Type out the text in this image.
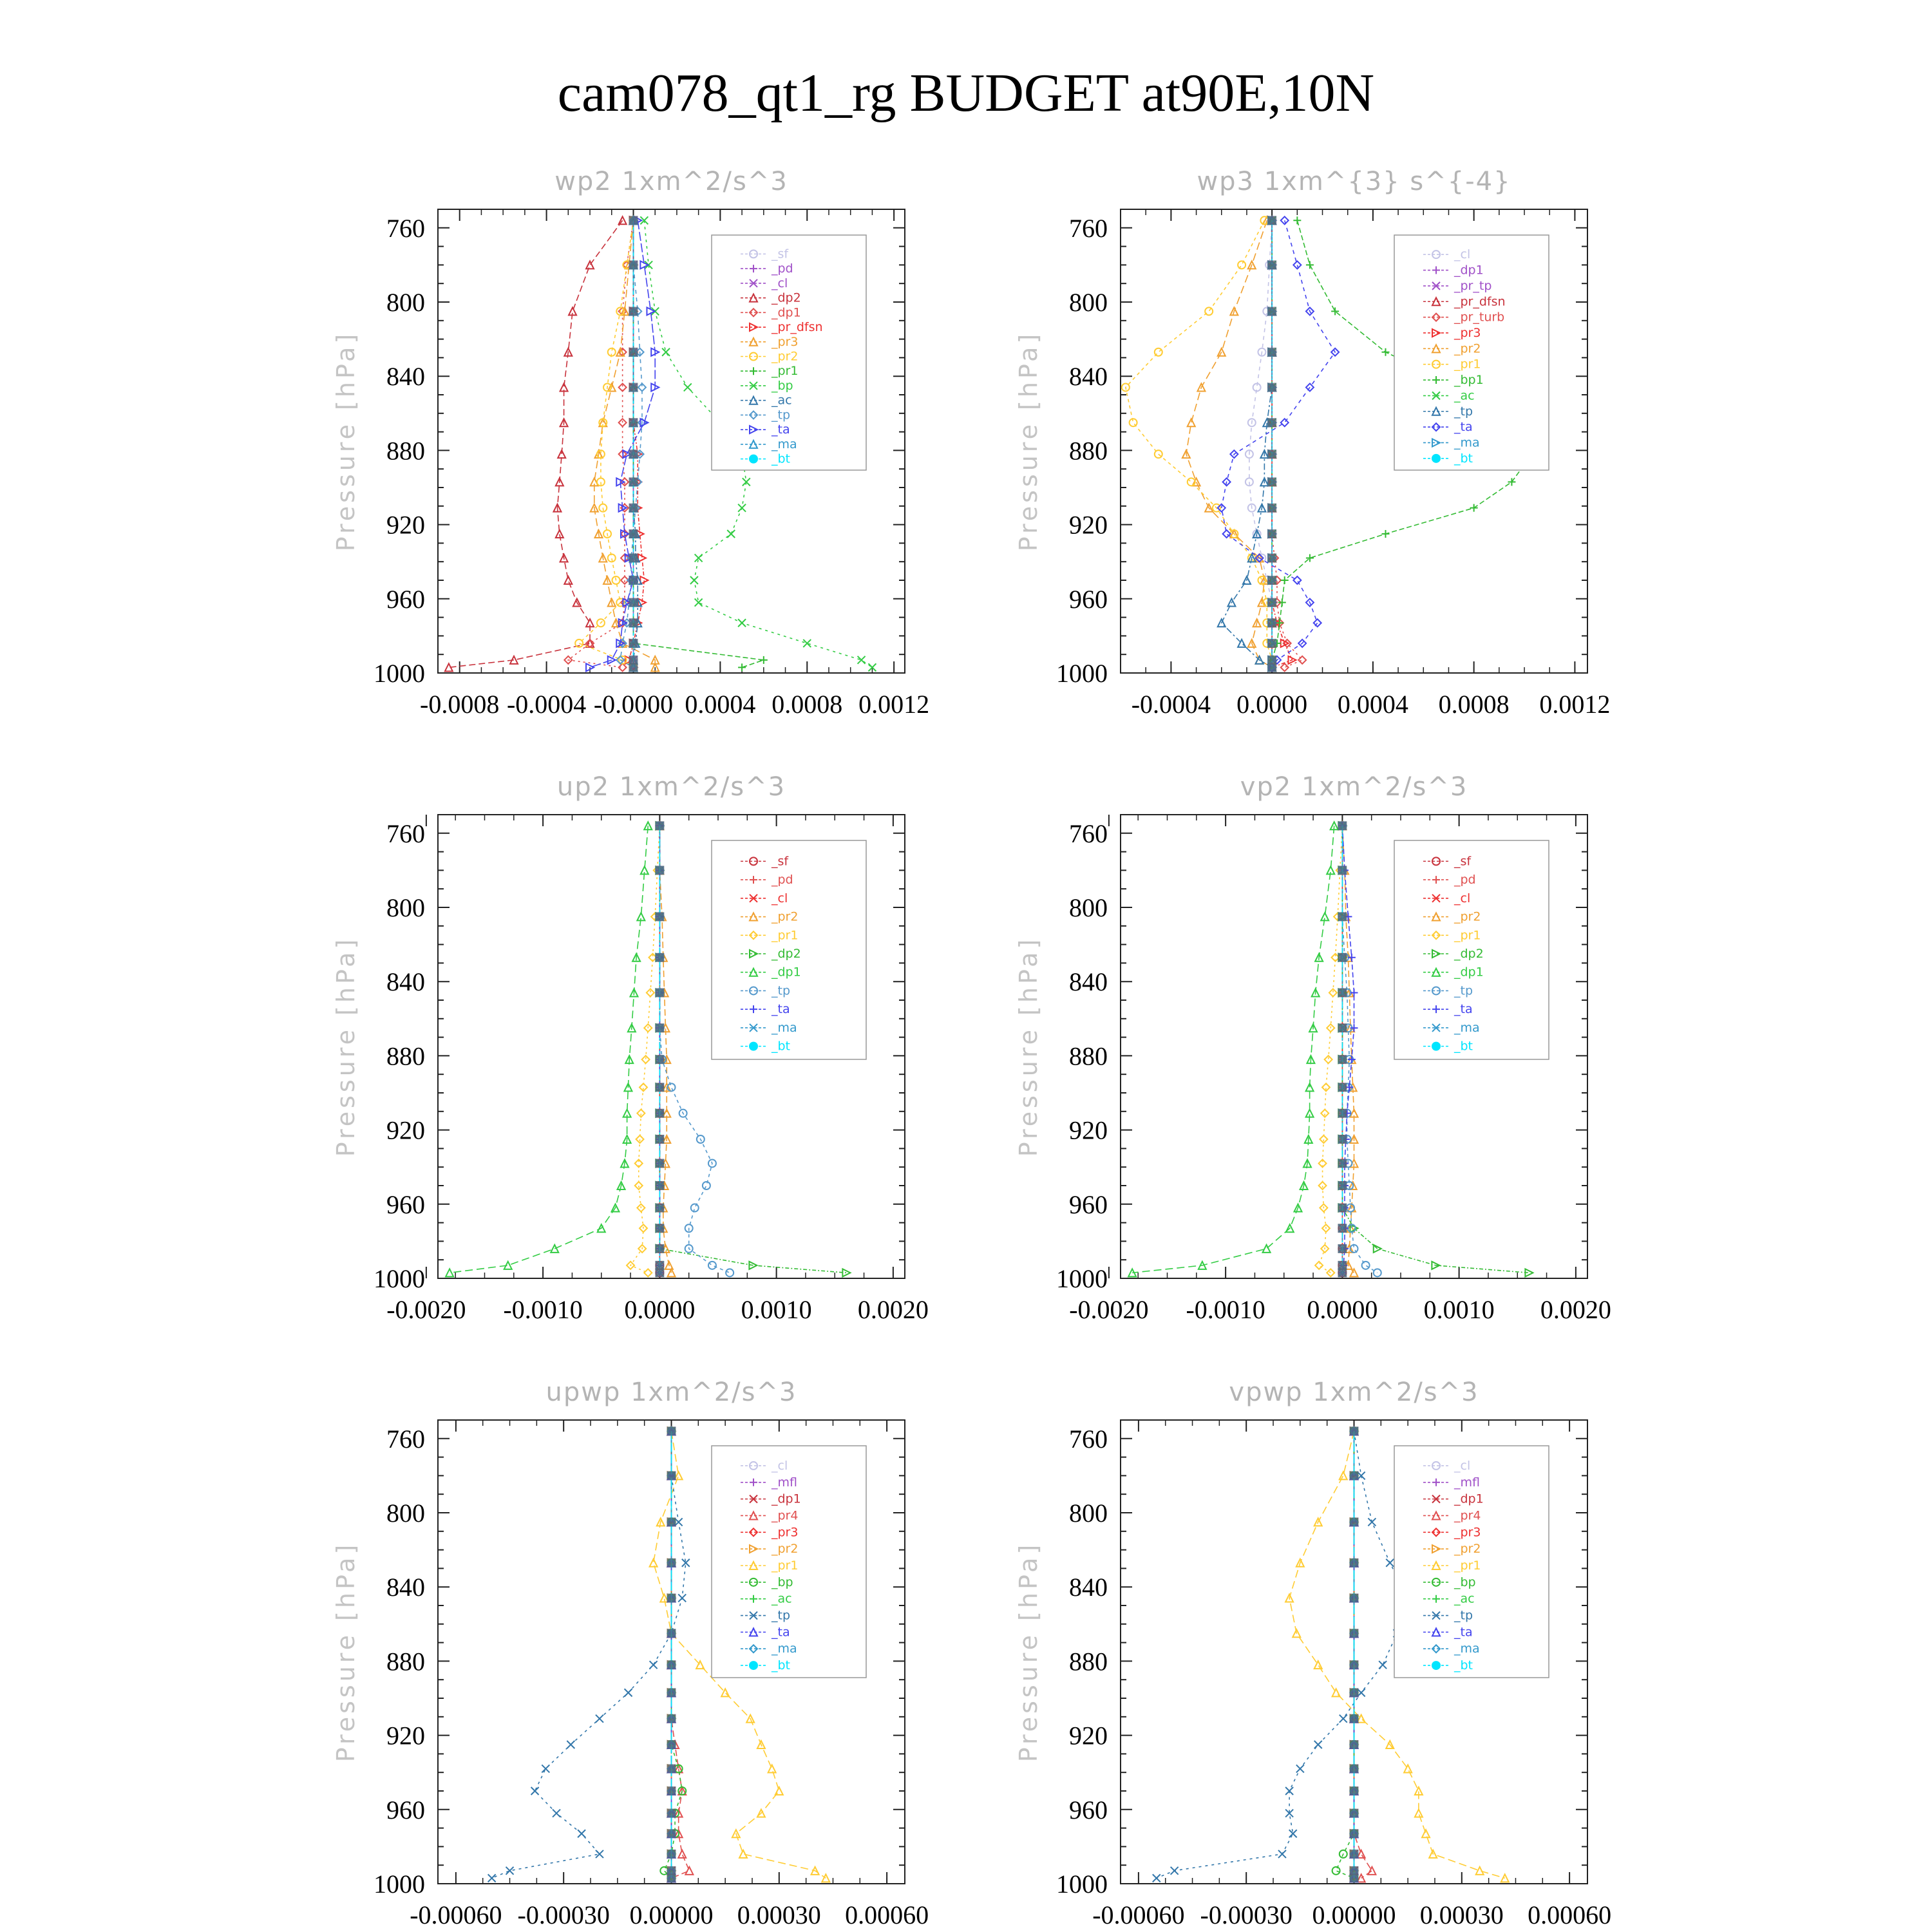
cam078_qt1_rg BUDGET at90E,10N
wp2 1xm^2/s^3
760
800
840
880
920
960
1000
-0.0008 -0.0004 -0.0000 0.0004 0.0008 0.0012
Pressure [hPa]
_sf
_pd
_cl
_dp2
_dp1
_pr_dfsn
_pr3
_pr2
_pr1
_bp
_ac
_tp
_ta
_ma
_bt
wp3 1xm^{3} s^{-4}
760
800
840
880
920
960
1000
-0.0004 0.0000 0.0004 0.0008 0.0012
Pressure [hPa]
_cl
_dp1
_pr_tp
_pr_dfsn
_pr_turb
_pr3
_pr2
_pr1
_bp1
_ac
_tp
_ta
_ma
_bt
up2 1xm^2/s^3
760
800
840
880
920
960
1000
-0.0020 -0.0010 0.0000 0.0010 0.0020
Pressure [hPa]
_sf
_pd
_cl
_pr2
_pr1
_dp2
_dp1
_tp
_ta
_ma
_bt
vp2 1xm^2/s^3
760
800
840
880
920
960
1000
-0.0020 -0.0010 0.0000 0.0010 0.0020
Pressure [hPa]
_sf
_pd
_cl
_pr2
_pr1
_dp2
_dp1
_tp
_ta
_ma
_bt
upwp 1xm^2/s^3
760
800
840
880
920
960
1000
-0.00060 -0.00030 0.00000 0.00030 0.00060
Pressure [hPa]
_cl
_mfl
_dp1
_pr4
_pr3
_pr2
_pr1
_bp
_ac
_tp
_ta
_ma
_bt
vpwp 1xm^2/s^3
760
800
840
880
920
960
1000
-0.00060 -0.00030 0.00000 0.00030 0.00060
Pressure [hPa]
_cl
_mfl
_dp1
_pr4
_pr3
_pr2
_pr1
_bp
_ac
_tp
_ta
_ma
_bt
